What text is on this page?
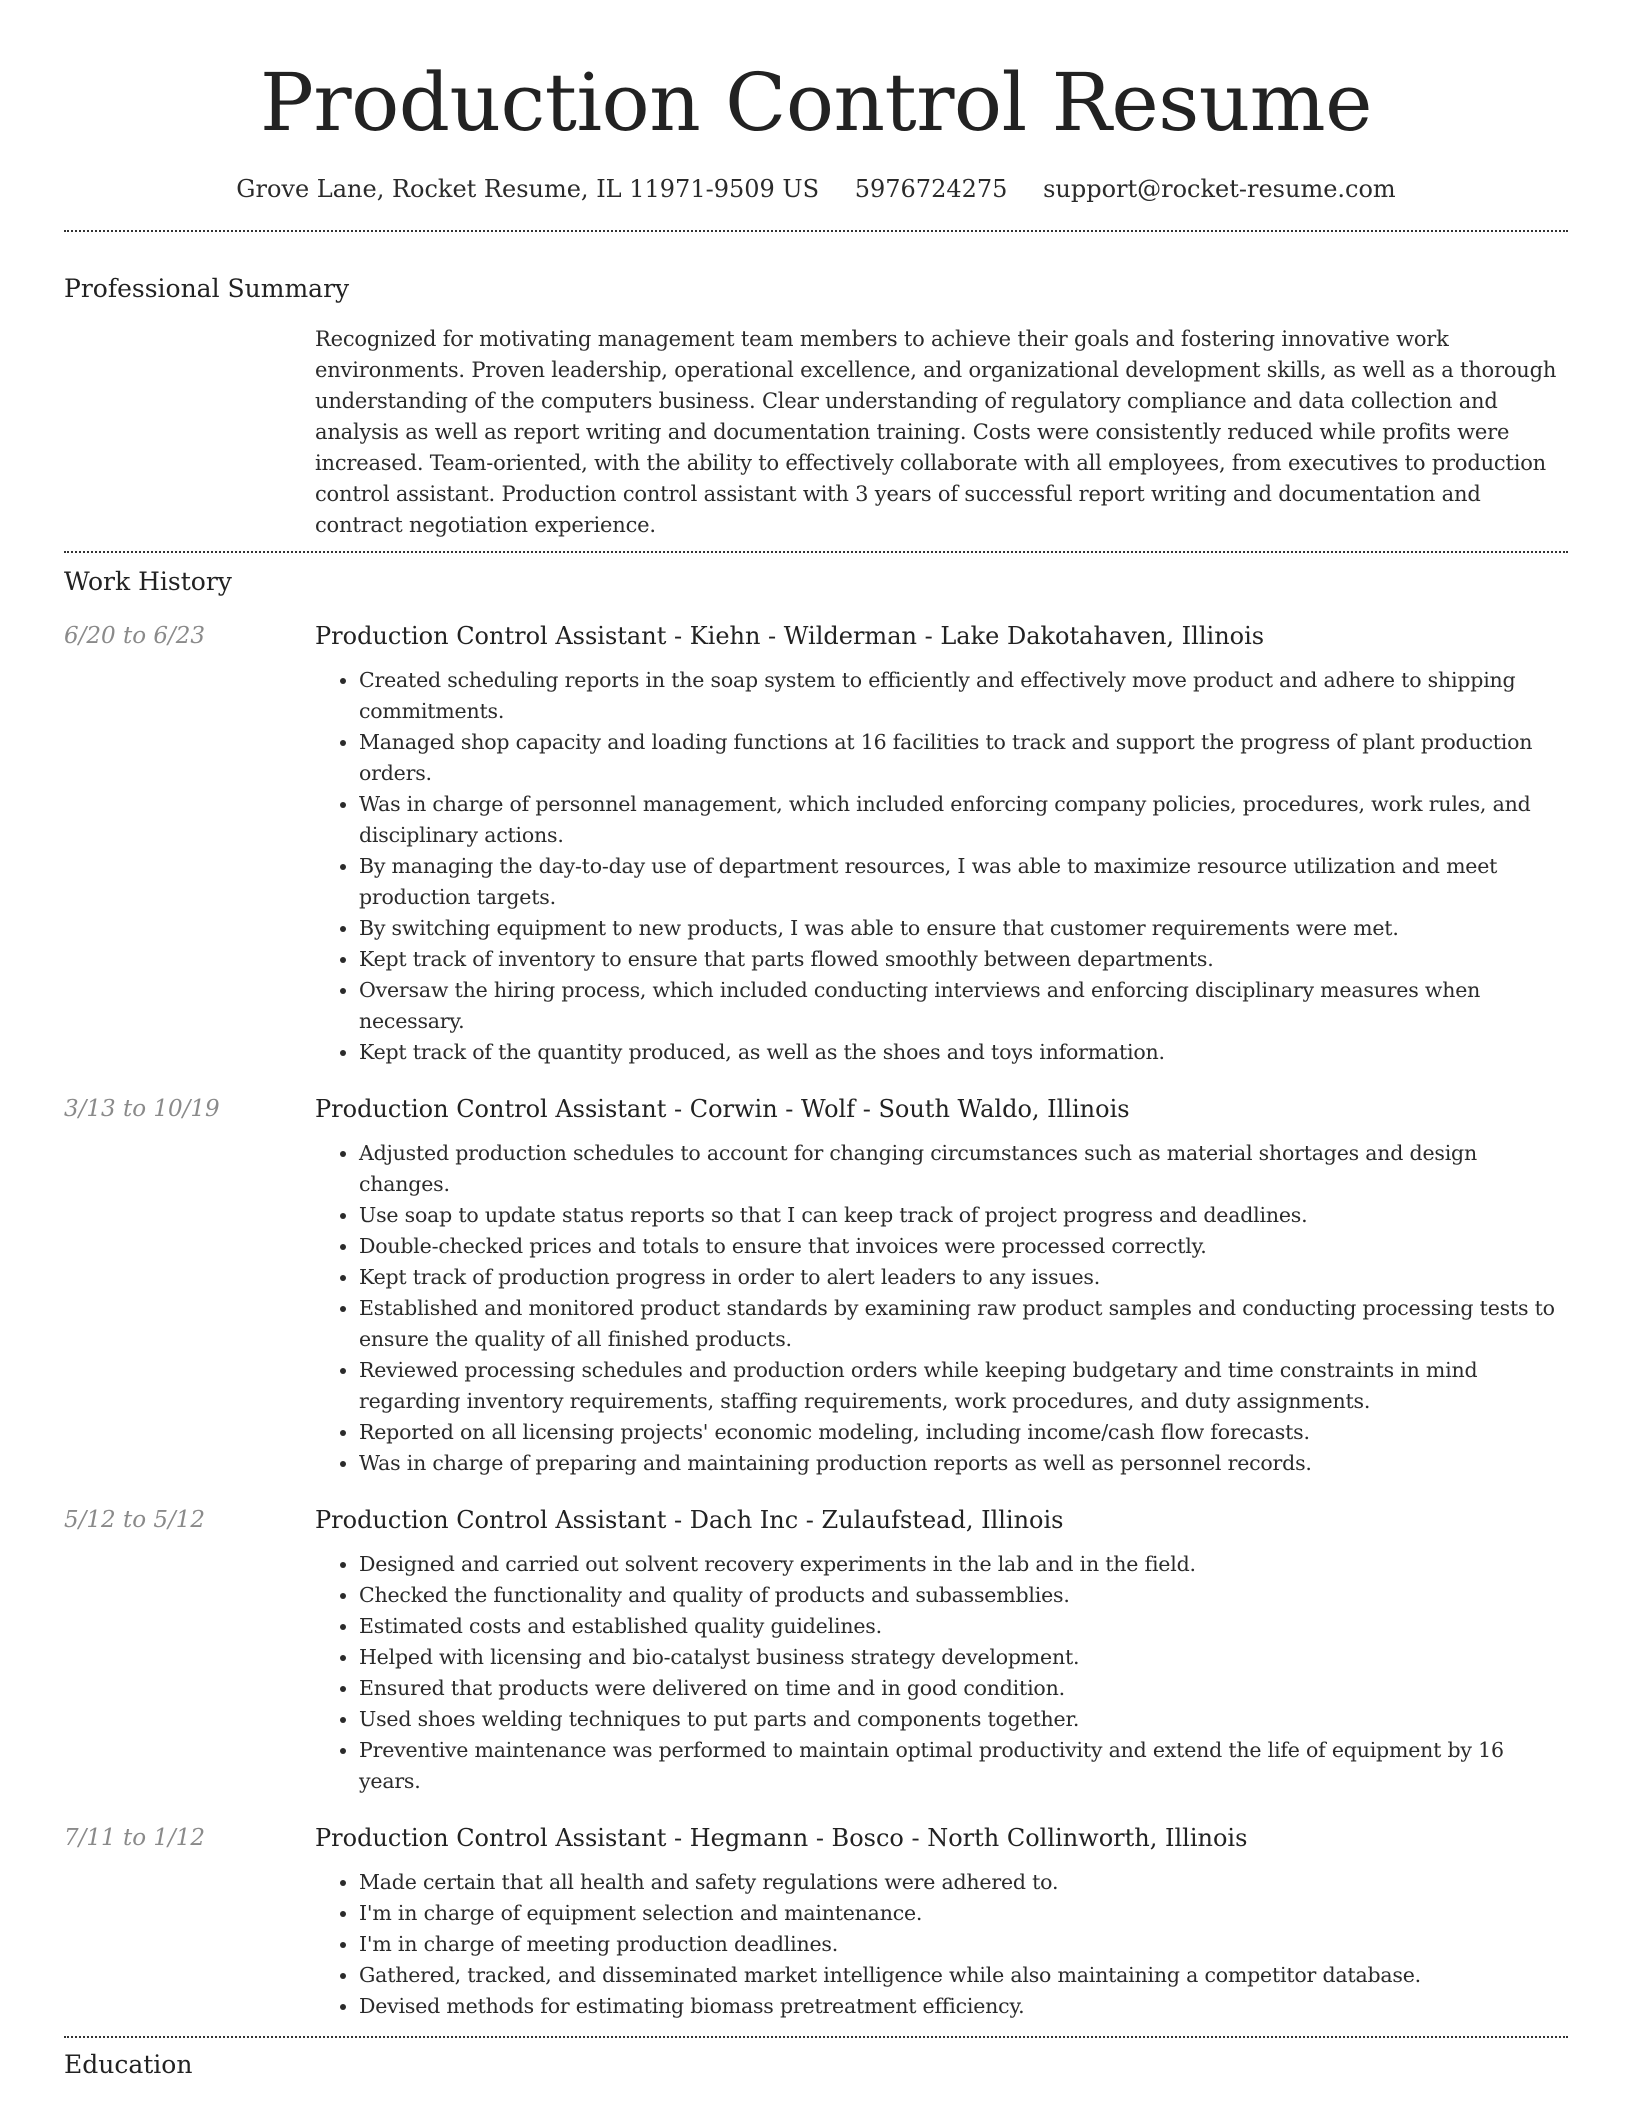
Production Control Resume
Grove Lane, Rocket Resume, IL 11971-9509 US 5976724275 support@rocket-resume.com
Professional Summary
Recognized for motivating management team members to achieve their goals and fostering innovative work environments. Proven leadership, operational excellence, and organizational development skills, as well as a thorough understanding of the computers business. Clear understanding of regulatory compliance and data collection and analysis as well as report writing and documentation training. Costs were consistently reduced while profits were increased. Team-oriented, with the ability to effectively collaborate with all employees, from executives to production control assistant. Production control assistant with 3 years of successful report writing and documentation and contract negotiation experience.
Work History
6/20 to 6/23	Production Control Assistant - Kiehn - Wilderman - Lake Dakotahaven, Illinois
• Created scheduling reports in the soap system to efficiently and effectively move product and adhere to shipping commitments.
• Managed shop capacity and loading functions at 16 facilities to track and support the progress of plant production orders.
• Was in charge of personnel management, which included enforcing company policies, procedures, work rules, and disciplinary actions.
• By managing the day-to-day use of department resources, I was able to maximize resource utilization and meet production targets.
• By switching equipment to new products, I was able to ensure that customer requirements were met.
• Kept track of inventory to ensure that parts flowed smoothly between departments.
• Oversaw the hiring process, which included conducting interviews and enforcing disciplinary measures when necessary.
• Kept track of the quantity produced, as well as the shoes and toys information.
3/13 to 10/19	Production Control Assistant - Corwin - Wolf - South Waldo, Illinois
• Adjusted production schedules to account for changing circumstances such as material shortages and design changes.
• Use soap to update status reports so that I can keep track of project progress and deadlines.
• Double-checked prices and totals to ensure that invoices were processed correctly.
• Kept track of production progress in order to alert leaders to any issues.
• Established and monitored product standards by examining raw product samples and conducting processing tests to ensure the quality of all finished products.
• Reviewed processing schedules and production orders while keeping budgetary and time constraints in mind regarding inventory requirements, staffing requirements, work procedures, and duty assignments.
• Reported on all licensing projects' economic modeling, including income/cash flow forecasts.
• Was in charge of preparing and maintaining production reports as well as personnel records.
5/12 to 5/12	Production Control Assistant - Dach Inc - Zulaufstead, Illinois
• Designed and carried out solvent recovery experiments in the lab and in the field.
• Checked the functionality and quality of products and subassemblies.
• Estimated costs and established quality guidelines.
• Helped with licensing and bio-catalyst business strategy development.
• Ensured that products were delivered on time and in good condition.
• Used shoes welding techniques to put parts and components together.
• Preventive maintenance was performed to maintain optimal productivity and extend the life of equipment by 16 years.
7/11 to 1/12	Production Control Assistant - Hegmann - Bosco - North Collinworth, Illinois
• Made certain that all health and safety regulations were adhered to.
• I'm in charge of equipment selection and maintenance.
• I'm in charge of meeting production deadlines.
• Gathered, tracked, and disseminated market intelligence while also maintaining a competitor database.
• Devised methods for estimating biomass pretreatment efficiency.
Education
